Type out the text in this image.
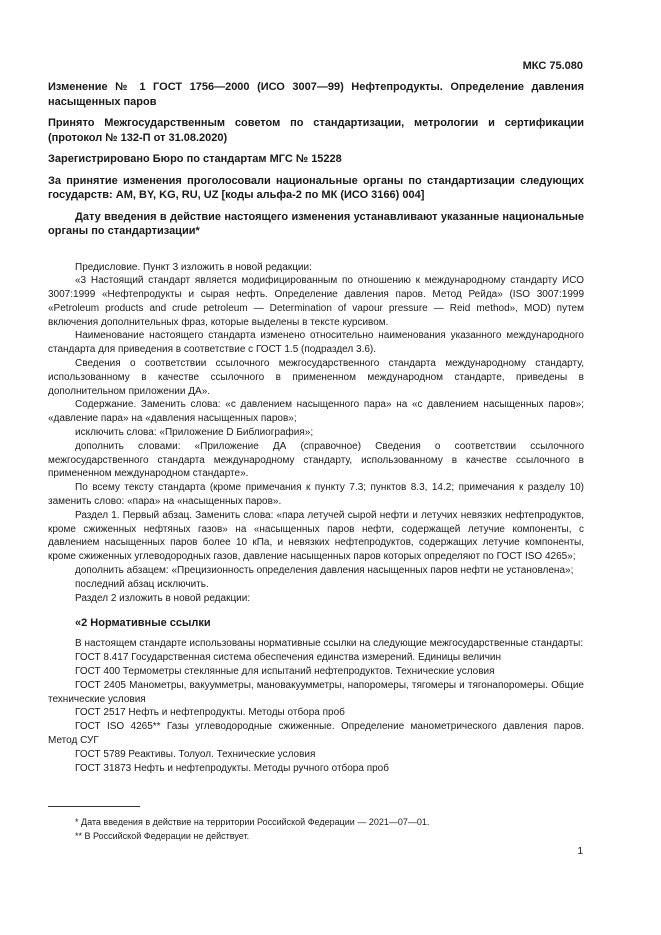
МКС 75.080

Изменение № 1 ГОСТ 1756—2000 (ИСО 3007—99) Нефтепродукты. Определение давления насыщенных паров

Принято Межгосударственным советом по стандартизации, метрологии и сертификации (протокол № 132-П от 31.08.2020)

Зарегистрировано Бюро по стандартам МГС № 15228

За принятие изменения проголосовали национальные органы по стандартизации следующих государств: AM, BY, KG, RU, UZ [коды альфа-2 по МК (ИСО 3166) 004]

Дату введения в действие настоящего изменения устанавливают указанные национальные органы по стандартизации*

Предисловие. Пункт 3 изложить в новой редакции:

«3 Настоящий стандарт является модифицированным по отношению к международному стандарту ИСО 3007:1999 «Нефтепродукты и сырая нефть. Определение давления паров. Метод Рейда» (ISO 3007:1999 «Petroleum products and crude petroleum — Determination of vapour pressure — Reid method», MOD) путем включения дополнительных фраз, которые выделены в тексте курсивом.

Наименование настоящего стандарта изменено относительно наименования указанного международного стандарта для приведения в соответствие с ГОСТ 1.5 (подраздел 3.6).

Сведения о соответствии ссылочного межгосударственного стандарта международному стандарту, использованному в качестве ссылочного в примененном международном стандарте, приведены в дополнительном приложении ДА».

Содержание. Заменить слова: «с давлением насыщенного пара» на «с давлением насыщенных паров»; «давление пара» на «давления насыщенных паров»;

исключить слова: «Приложение D Библиография»;

дополнить словами: «Приложение ДА (справочное) Сведения о соответствии ссылочного межгосударственного стандарта международному стандарту, использованному в качестве ссылочного в примененном международном стандарте».

По всему тексту стандарта (кроме примечания к пункту 7.3; пунктов 8.3, 14.2; примечания к разделу 10) заменить слово: «пара» на «насыщенных паров».

Раздел 1. Первый абзац. Заменить слова: «пара летучей сырой нефти и летучих невязких нефтепродуктов, кроме сжиженных нефтяных газов» на «насыщенных паров нефти, содержащей летучие компоненты, с давлением насыщенных паров более 10 кПа, и невязких нефтепродуктов, содержащих летучие компоненты, кроме сжиженных углеводородных газов, давление насыщенных паров которых определяют по ГОСТ ISO 4265»;

дополнить абзацем: «Прецизионность определения давления насыщенных паров нефти не установлена»;

последний абзац исключить.

Раздел 2 изложить в новой редакции:

«2 Нормативные ссылки

В настоящем стандарте использованы нормативные ссылки на следующие межгосударственные стандарты:

ГОСТ 8.417 Государственная система обеспечения единства измерений. Единицы величин

ГОСТ 400 Термометры стеклянные для испытаний нефтепродуктов. Технические условия

ГОСТ 2405 Манометры, вакуумметры, мановакуумметры, напоромеры, тягомеры и тягонапоромеры. Общие технические условия

ГОСТ 2517 Нефть и нефтепродукты. Методы отбора проб

ГОСТ ISO 4265** Газы углеводородные сжиженные. Определение манометрического давления паров. Метод СУГ

ГОСТ 5789 Реактивы. Толуол. Технические условия

ГОСТ 31873 Нефть и нефтепродукты. Методы ручного отбора проб

* Дата введения в действие на территории Российской Федерации — 2021—07—01.

** В Российской Федерации не действует.

1
